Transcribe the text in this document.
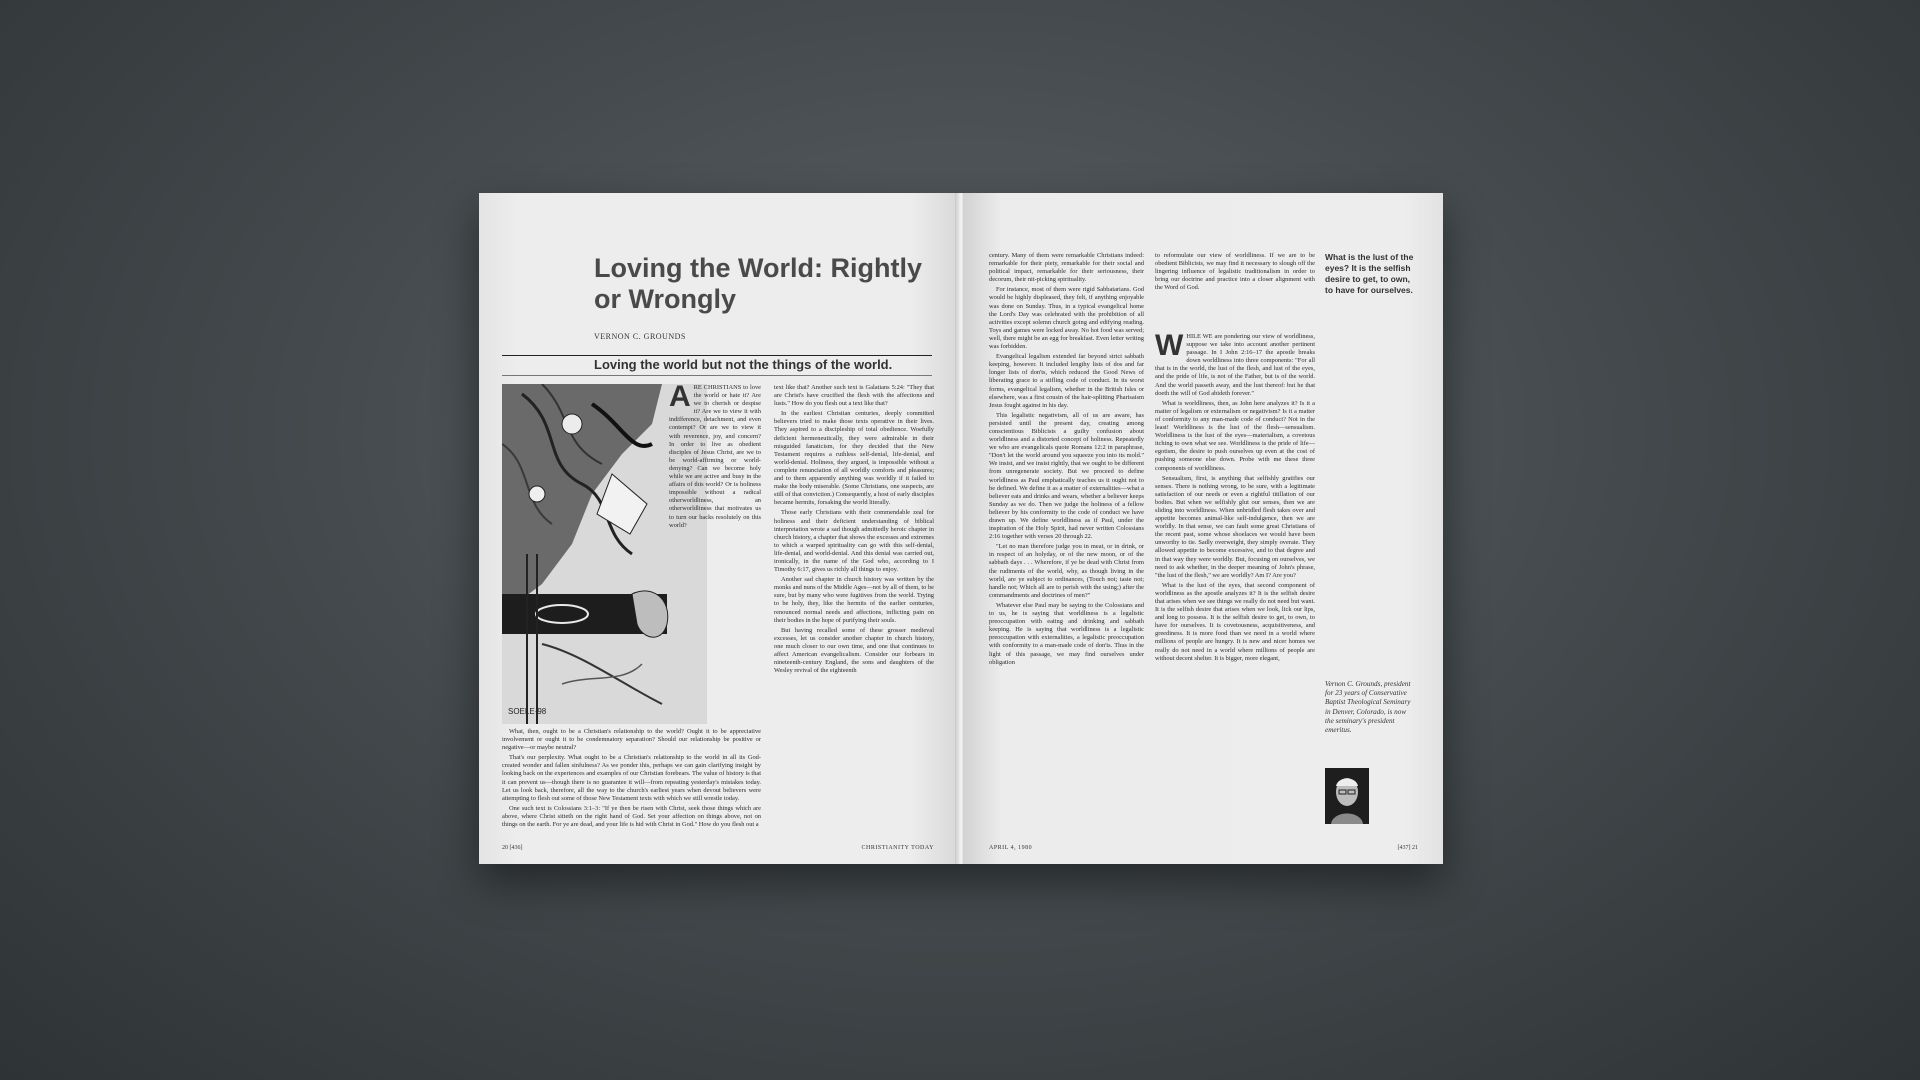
Loving the World: Rightly or Wrongly
VERNON C. GROUNDS
Loving the world but not the things of the world.
SOELE·98
A RE CHRISTIANS to love the world or hate it? Are we to cherish or despise it? Are we to view it with indifference, detachment, and even contempt? Or are we to view it with reverence, joy, and concern? In order to live as obedient disciples of Jesus Christ, are we to be world-affirming or world-denying? Can we become holy while we are active and busy in the affairs of this world? Or is holiness impossible without a radical otherworldliness, an otherworldliness that motivates us to turn our backs resolutely on this world?

What, then, ought to be a Christian's relationship to the world? Ought it to be appreciative involvement or ought it to be condemnatory separation? Should our relationship be positive or negative—or maybe neutral?

That's our perplexity. What ought to be a Christian's relationship to the world in all its God-created wonder and fallen sinfulness? As we ponder this, perhaps we can gain clarifying insight by looking back on the experiences and examples of our Christian forebears. The value of history is that it can prevent us—though there is no guarantee it will—from repeating yesterday's mistakes today. Let us look back, therefore, all the way to the church's earliest years when devout believers were attempting to flesh out some of those New Testament texts with which we still wrestle today.

One such text is Colossians 3:1–3: "If ye then be risen with Christ, seek those things which are above, where Christ sitteth on the right hand of God. Set your affection on things above, not on things on the earth. For ye are dead, and your life is hid with Christ in God." How do you flesh out a

text like that? Another such text is Galatians 5:24: "They that are Christ's have crucified the flesh with the affections and lusts." How do you flesh out a text like that?

In the earliest Christian centuries, deeply committed believers tried to make those texts operative in their lives. They aspired to a discipleship of total obedience. Woefully deficient hermeneutically, they were admirable in their misguided fanaticism, for they decided that the New Testament requires a ruthless self-denial, life-denial, and world-denial. Holiness, they argued, is impossible without a complete renunciation of all worldly comforts and pleasures; and to them apparently anything was worldly if it failed to make the body miserable. (Some Christians, one suspects, are still of that conviction.) Consequently, a host of early disciples became hermits, forsaking the world literally.

Those early Christians with their commendable zeal for holiness and their deficient understanding of biblical interpretation wrote a sad though admittedly heroic chapter in church history, a chapter that shows the excesses and extremes to which a warped spirituality can go with this self-denial, life-denial, and world-denial. And this denial was carried out, ironically, in the name of the God who, according to I Timothy 6:17, gives us richly all things to enjoy.

Another sad chapter in church history was written by the monks and nuns of the Middle Ages—not by all of them, to be sure, but by many who were fugitives from the world. Trying to be holy, they, like the hermits of the earlier centuries, renounced normal needs and affections, inflicting pain on their bodies in the hope of purifying their souls.

But having recalled some of these grosser medieval excesses, let us consider another chapter in church history, one much closer to our own time, and one that continues to affect American evangelicalism. Consider our forbears in nineteenth-century England, the sons and daughters of the Wesley revival of the eighteenth

20 [436]	CHRISTIANITY TODAY

century. Many of them were remarkable Christians indeed: remarkable for their piety, remarkable for their social and political impact, remarkable for their seriousness, their decorum, their nit-picking spirituality.

For instance, most of them were rigid Sabbatarians. God would be highly displeased, they felt, if anything enjoyable was done on Sunday. Thus, in a typical evangelical home the Lord's Day was celebrated with the prohibition of all activities except solemn church going and edifying reading. Toys and games were locked away. No hot food was served; well, there might be an egg for breakfast. Even letter writing was forbidden.

Evangelical legalism extended far beyond strict sabbath keeping, however. It included lengthy lists of dos and far longer lists of don'ts, which reduced the Good News of liberating grace to a stifling code of conduct. In its worst forms, evangelical legalism, whether in the British Isles or elsewhere, was a first cousin of the hair-splitting Pharisaism Jesus fought against in his day.

This legalistic negativism, all of us are aware, has persisted until the present day, creating among conscientious Biblicists a guilty confusion about worldliness and a distorted concept of holiness. Repeatedly we who are evangelicals quote Romans 12:2 in paraphrase, "Don't let the world around you squeeze you into its mold." We insist, and we insist rightly, that we ought to be different from unregenerate society. But we proceed to define worldliness as Paul emphatically teaches us it ought not to be defined. We define it as a matter of externalities—what a believer eats and drinks and wears, whether a believer keeps Sunday as we do. Then we judge the holiness of a fellow believer by his conformity to the code of conduct we have drawn up. We define worldliness as if Paul, under the inspiration of the Holy Spirit, had never written Colossians 2:16 together with verses 20 through 22.

"Let no man therefore judge you in meat, or in drink, or in respect of an holyday, or of the new moon, or of the sabbath days . . . Wherefore, if ye be dead with Christ from the rudiments of the world, why, as though living in the world, are ye subject to ordinances, (Touch not; taste not; handle not; Which all are to perish with the using;) after the commandments and doctrines of men?"

Whatever else Paul may be saying to the Colossians and to us, he is saying that worldliness is a legalistic preoccupation with eating and drinking and sabbath keeping. He is saying that worldliness is a legalistic preoccupation with externalities, a legalistic preoccupation with conformity to a man-made code of don'ts. Thus in the light of this passage, we may find ourselves under obligation

to reformulate our view of worldliness. If we are to be obedient Biblicists, we may find it necessary to slough off the lingering influence of legalistic traditionalism in order to bring our doctrine and practice into a closer alignment with the Word of God.

WHILE WE are pondering our view of worldliness, suppose we take into account another pertinent passage. In I John 2:16–17 the apostle breaks down worldliness into three components: "For all that is in the world, the lust of the flesh, and lust of the eyes, and the pride of life, is not of the Father, but is of the world. And the world passeth away, and the lust thereof: but he that doeth the will of God abideth forever."

What is worldliness, then, as John here analyzes it? Is it a matter of legalism or externalism or negativism? Is it a matter of conformity to any man-made code of conduct? Not in the least! Worldliness is the lust of the flesh—sensualism. Worldliness is the lust of the eyes—materialism, a covetous itching to own what we see. Worldliness is the pride of life—egotism, the desire to push ourselves up even at the cost of pushing someone else down. Probe with me these three components of worldliness.

Sensualism, first, is anything that selfishly gratifies our senses. There is nothing wrong, to be sure, with a legitimate satisfaction of our needs or even a rightful titillation of our bodies. But when we selfishly glut our senses, then we are sliding into worldliness. When unbridled flesh takes over and appetite becomes animal-like self-indulgence, then we are worldly. In that sense, we can fault some great Christians of the recent past, some whose shoelaces we would have been unworthy to tie. Sadly overweight, they simply overate. They allowed appetite to become excessive, and to that degree and in that way they were worldly. But, focusing on ourselves, we need to ask whether, in the deeper meaning of John's phrase, "the lust of the flesh," we are worldly? Am I? Are you?

What is the lust of the eyes, that second component of worldliness as the apostle analyzes it? It is the selfish desire that arises when we see things we really do not need but want. It is the selfish desire that arises when we look, lick our lips, and long to possess. It is the selfish desire to get, to own, to have for ourselves. It is covetousness, acquisitiveness, and greediness. It is more food than we need in a world where millions of people are hungry. It is new and nicer homes we really do not need in a world where millions of people are without decent shelter. It is bigger, more elegant,

What is the lust of the eyes? It is the selfish desire to get, to own, to have for ourselves.
Vernon C. Grounds, president for 23 years of Conservative Baptist Theological Seminary in Denver, Colorado, is now the seminary's president emeritus.
APRIL 4, 1980	[437] 21
